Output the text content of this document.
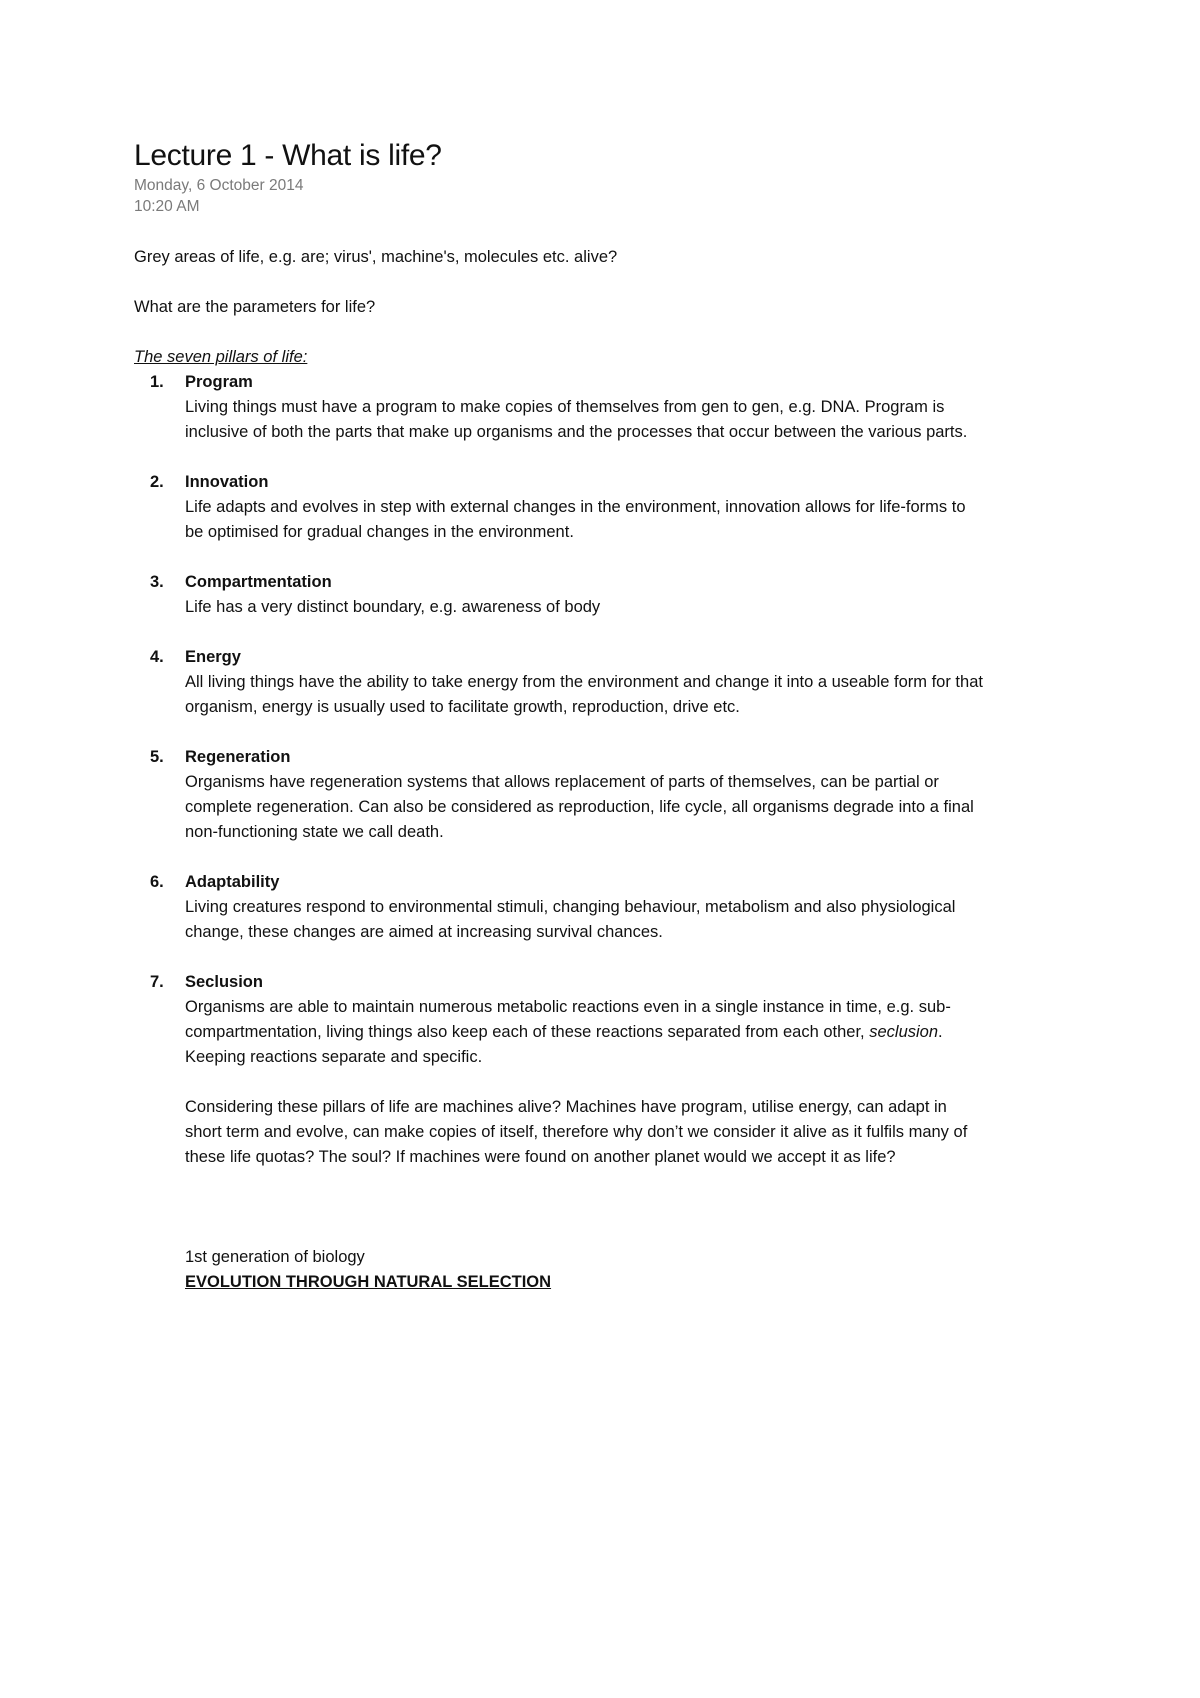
Lecture 1 - What is life?
Monday, 6 October 2014
10:20 AM

Grey areas of life, e.g. are; virus', machine's, molecules etc. alive?

What are the parameters for life?

The seven pillars of life:

1. Program
Living things must have a program to make copies of themselves from gen to gen, e.g. DNA. Program is inclusive of both the parts that make up organisms and the processes that occur between the various parts.
2. Innovation
Life adapts and evolves in step with external changes in the environment, innovation allows for life-forms to be optimised for gradual changes in the environment.
3. Compartmentation
Life has a very distinct boundary, e.g. awareness of body
4. Energy
All living things have the ability to take energy from the environment and change it into a useable form for that organism, energy is usually used to facilitate growth, reproduction, drive etc.
5. Regeneration
Organisms have regeneration systems that allows replacement of parts of themselves, can be partial or complete regeneration. Can also be considered as reproduction, life cycle, all organisms degrade into a final non-functioning state we call death.
6. Adaptability
Living creatures respond to environmental stimuli, changing behaviour, metabolism and also physiological change, these changes are aimed at increasing survival chances.
7. Seclusion
Organisms are able to maintain numerous metabolic reactions even in a single instance in time, e.g. sub-compartmentation, living things also keep each of these reactions separated from each other, seclusion. Keeping reactions separate and specific.

Considering these pillars of life are machines alive? Machines have program, utilise energy, can adapt in short term and evolve, can make copies of itself, therefore why don’t we consider it alive as it fulfils many of these life quotas? The soul? If machines were found on another planet would we accept it as life?

1st generation of biology
EVOLUTION THROUGH NATURAL SELECTION
